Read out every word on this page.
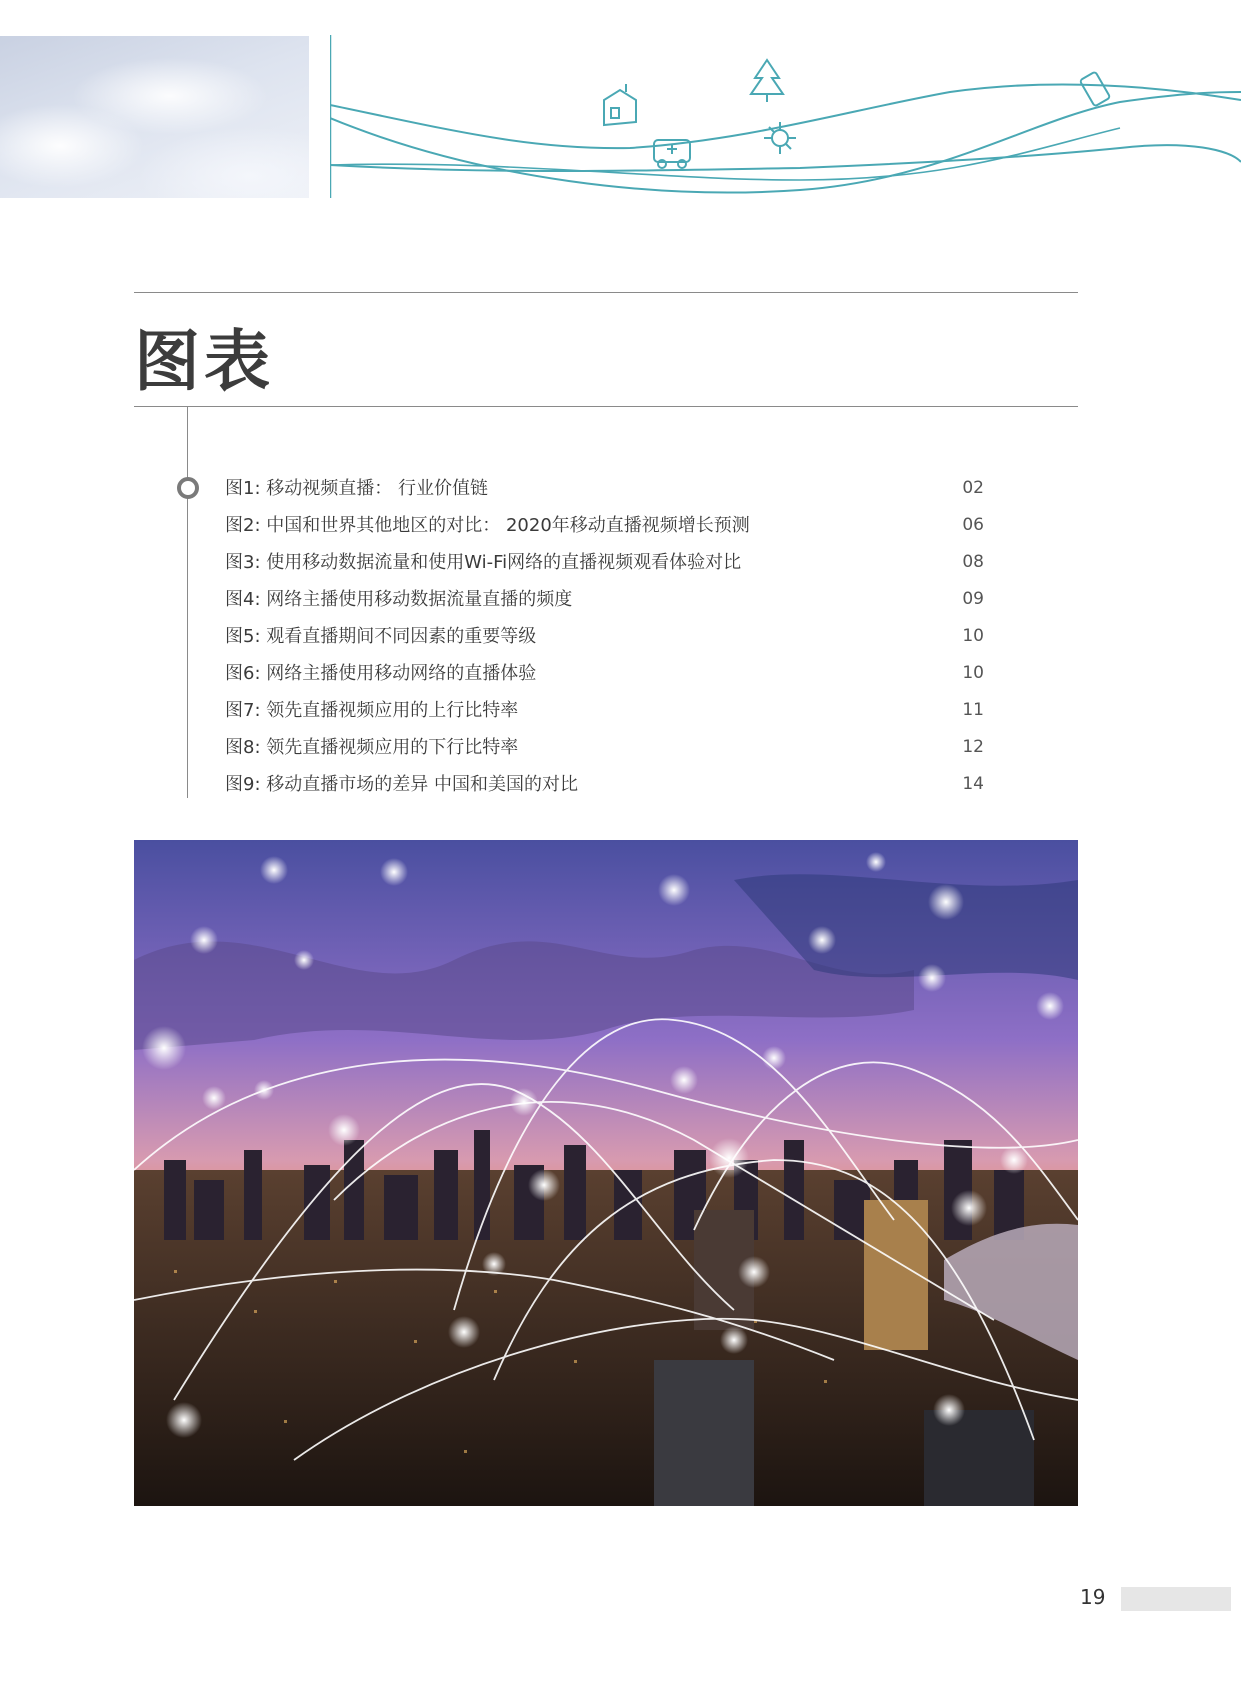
图表
图1: 移动视频直播： 行业价值链	02
图2: 中国和世界其他地区的对比： 2020年移动直播视频增长预测	06
图3: 使用移动数据流量和使用Wi-Fi网络的直播视频观看体验对比	08
图4: 网络主播使用移动数据流量直播的频度	09
图5: 观看直播期间不同因素的重要等级	10
图6: 网络主播使用移动网络的直播体验	10
图7: 领先直播视频应用的上行比特率	11
图8: 领先直播视频应用的下行比特率	12
图9: 移动直播市场的差异 中国和美国的对比	14
19
